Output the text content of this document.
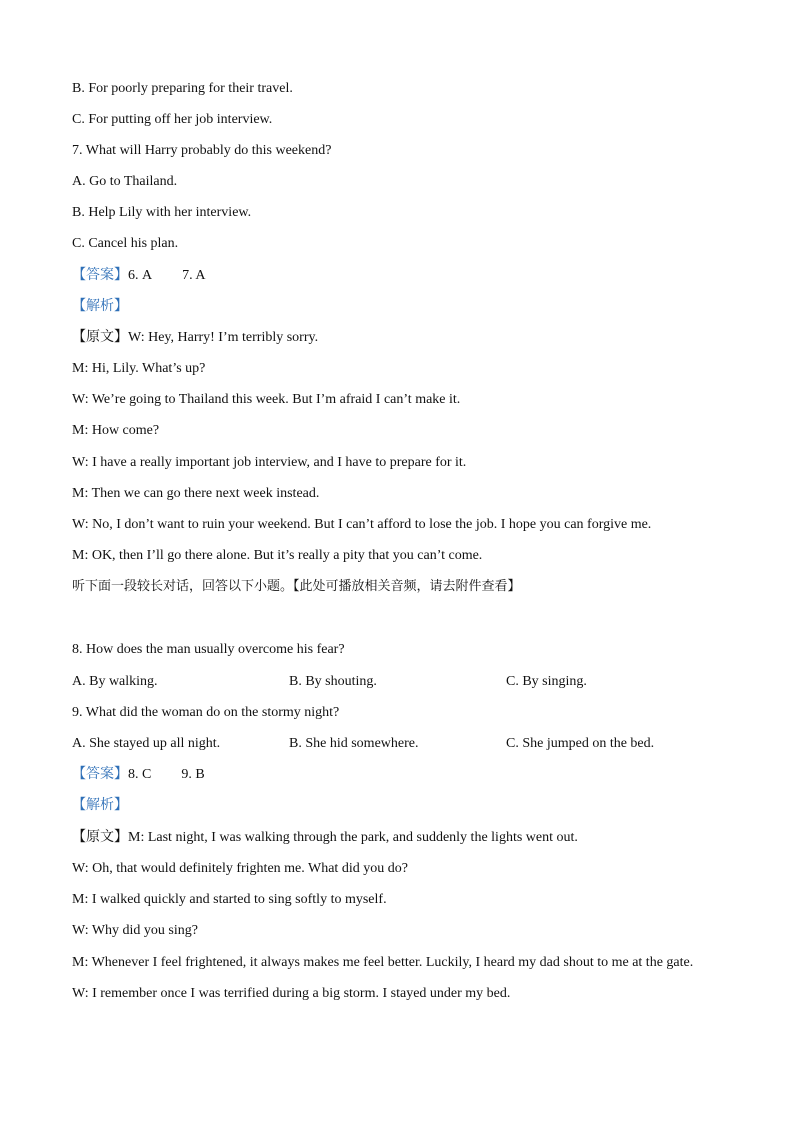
B. For poorly preparing for their travel.
C. For putting off her job interview.
7. What will Harry probably do this weekend?
A. Go to Thailand.
B. Help Lily with her interview.
C. Cancel his plan.
【答案】6. A 7. A
【解析】
【原文】W: Hey, Harry! I’m terribly sorry.
M: Hi, Lily. What’s up?
W: We’re going to Thailand this week. But I’m afraid I can’t make it.
M: How come?
W: I have a really important job interview, and I have to prepare for it.
M: Then we can go there next week instead.
W: No, I don’t want to ruin your weekend. But I can’t afford to lose the job. I hope you can forgive me.
M: OK, then I’ll go there alone. But it’s really a pity that you can’t come.
听下面一段较长对话，回答以下小题。【此处可播放相关音频，请去附件查看】
8. How does the man usually overcome his fear?
A. By walking.	B. By shouting.	C. By singing.
9. What did the woman do on the stormy night?
A. She stayed up all night.	B. She hid somewhere.	C. She jumped on the bed.
【答案】8. C 9. B
【解析】
【原文】M: Last night, I was walking through the park, and suddenly the lights went out.
W: Oh, that would definitely frighten me. What did you do?
M: I walked quickly and started to sing softly to myself.
W: Why did you sing?
M: Whenever I feel frightened, it always makes me feel better. Luckily, I heard my dad shout to me at the gate.
W: I remember once I was terrified during a big storm. I stayed under my bed.
